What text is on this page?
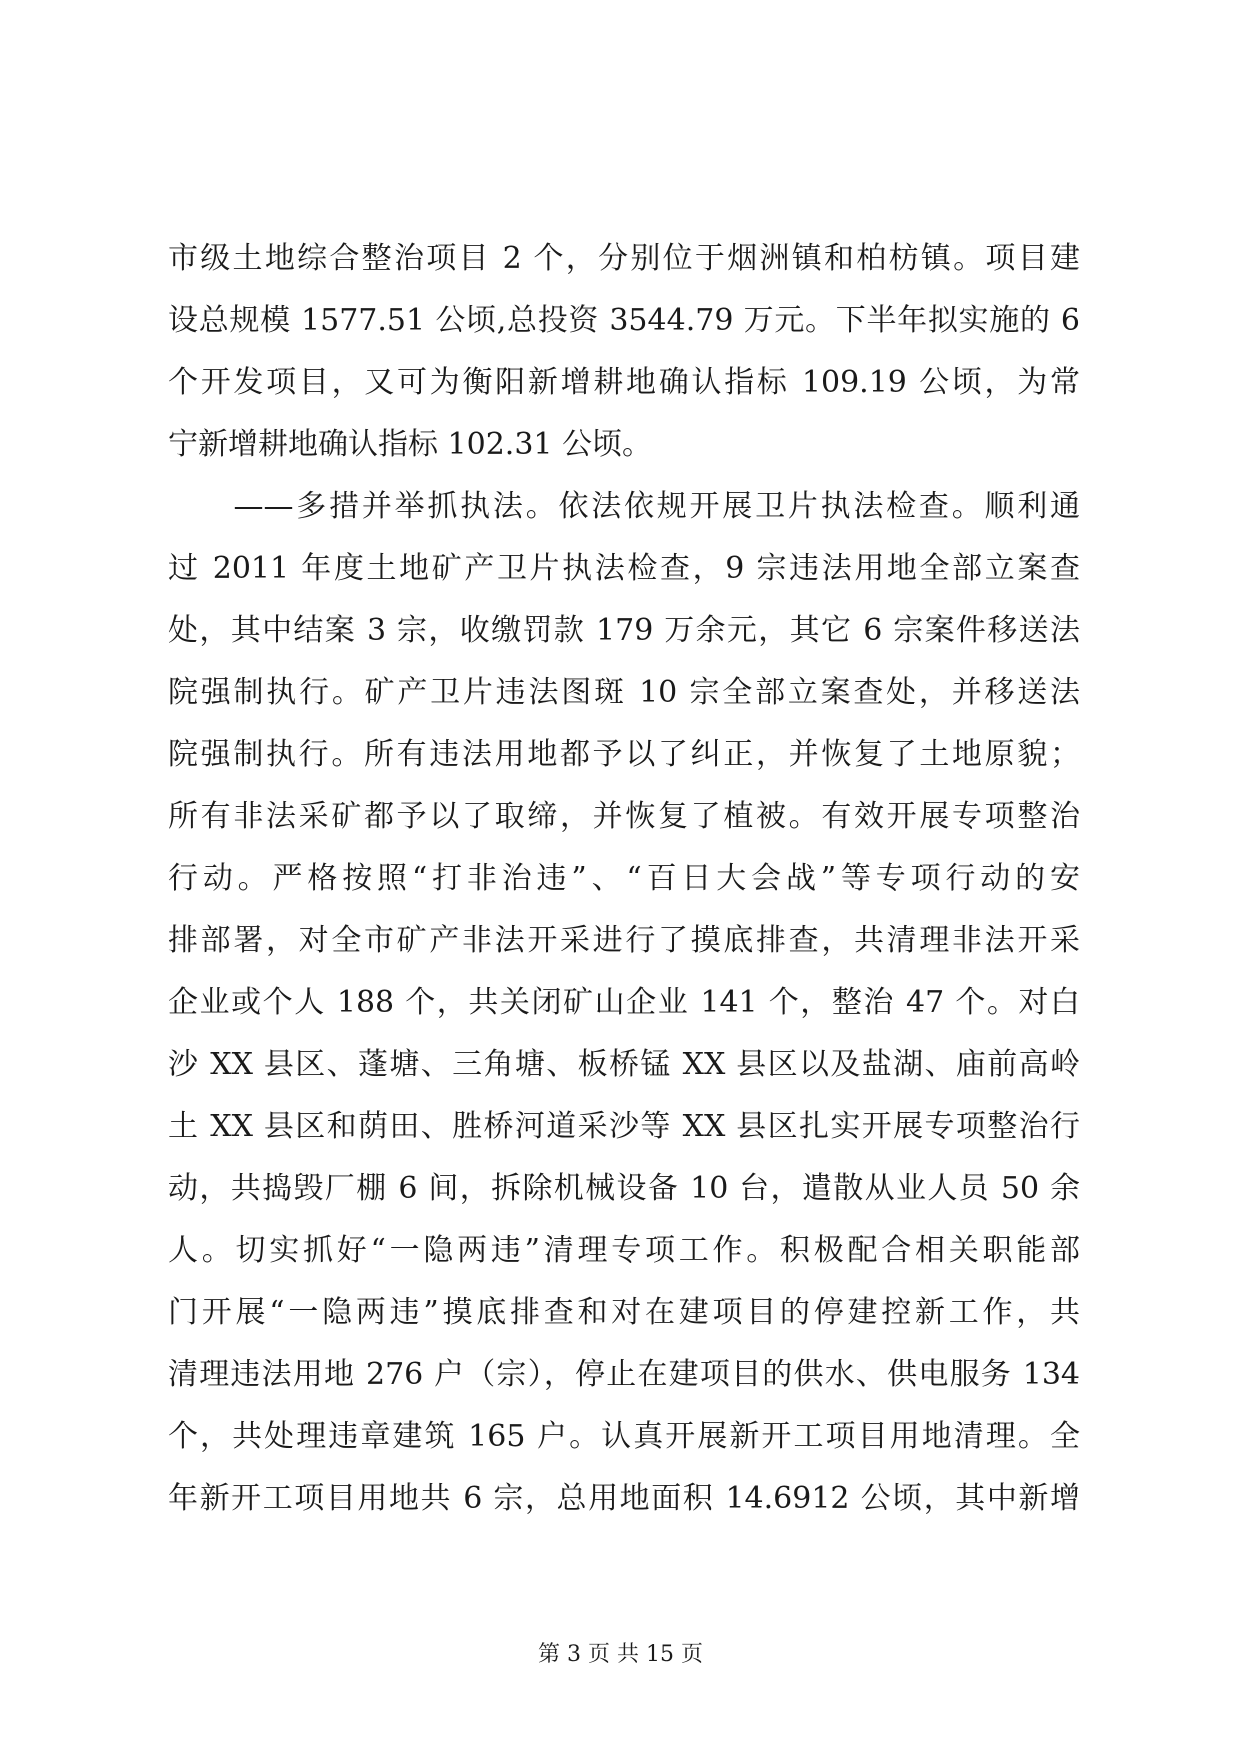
市级土地综合整治项目 2 个，分别位于烟洲镇和柏枋镇。项目建
设总规模 1577.51 公顷,总投资 3544.79 万元。下半年拟实施的 6
个开发项目，又可为衡阳新增耕地确认指标 109.19 公顷，为常
宁新增耕地确认指标 102.31 公顷。
　　——多措并举抓执法。依法依规开展卫片执法检查。顺利通
过 2011 年度土地矿产卫片执法检查，9 宗违法用地全部立案查
处，其中结案 3 宗，收缴罚款 179 万余元，其它 6 宗案件移送法
院强制执行。矿产卫片违法图斑 10 宗全部立案查处，并移送法
院强制执行。所有违法用地都予以了纠正，并恢复了土地原貌；
所有非法采矿都予以了取缔，并恢复了植被。有效开展专项整治
行动。严格按照“打非治违”、“百日大会战”等专项行动的安
排部署，对全市矿产非法开采进行了摸底排查，共清理非法开采
企业或个人 188 个，共关闭矿山企业 141 个，整治 47 个。对白
沙 XX 县区、蓬塘、三角塘、板桥锰 XX 县区以及盐湖、庙前高岭
土 XX 县区和荫田、胜桥河道采沙等 XX 县区扎实开展专项整治行
动，共捣毁厂棚 6 间，拆除机械设备 10 台，遣散从业人员 50 余
人。切实抓好“一隐两违”清理专项工作。积极配合相关职能部
门开展“一隐两违”摸底排查和对在建项目的停建控新工作，共
清理违法用地 276 户（宗），停止在建项目的供水、供电服务 134
个，共处理违章建筑 165 户。认真开展新开工项目用地清理。全
年新开工项目用地共 6 宗，总用地面积 14.6912 公顷，其中新增
第 3 页 共 15 页
